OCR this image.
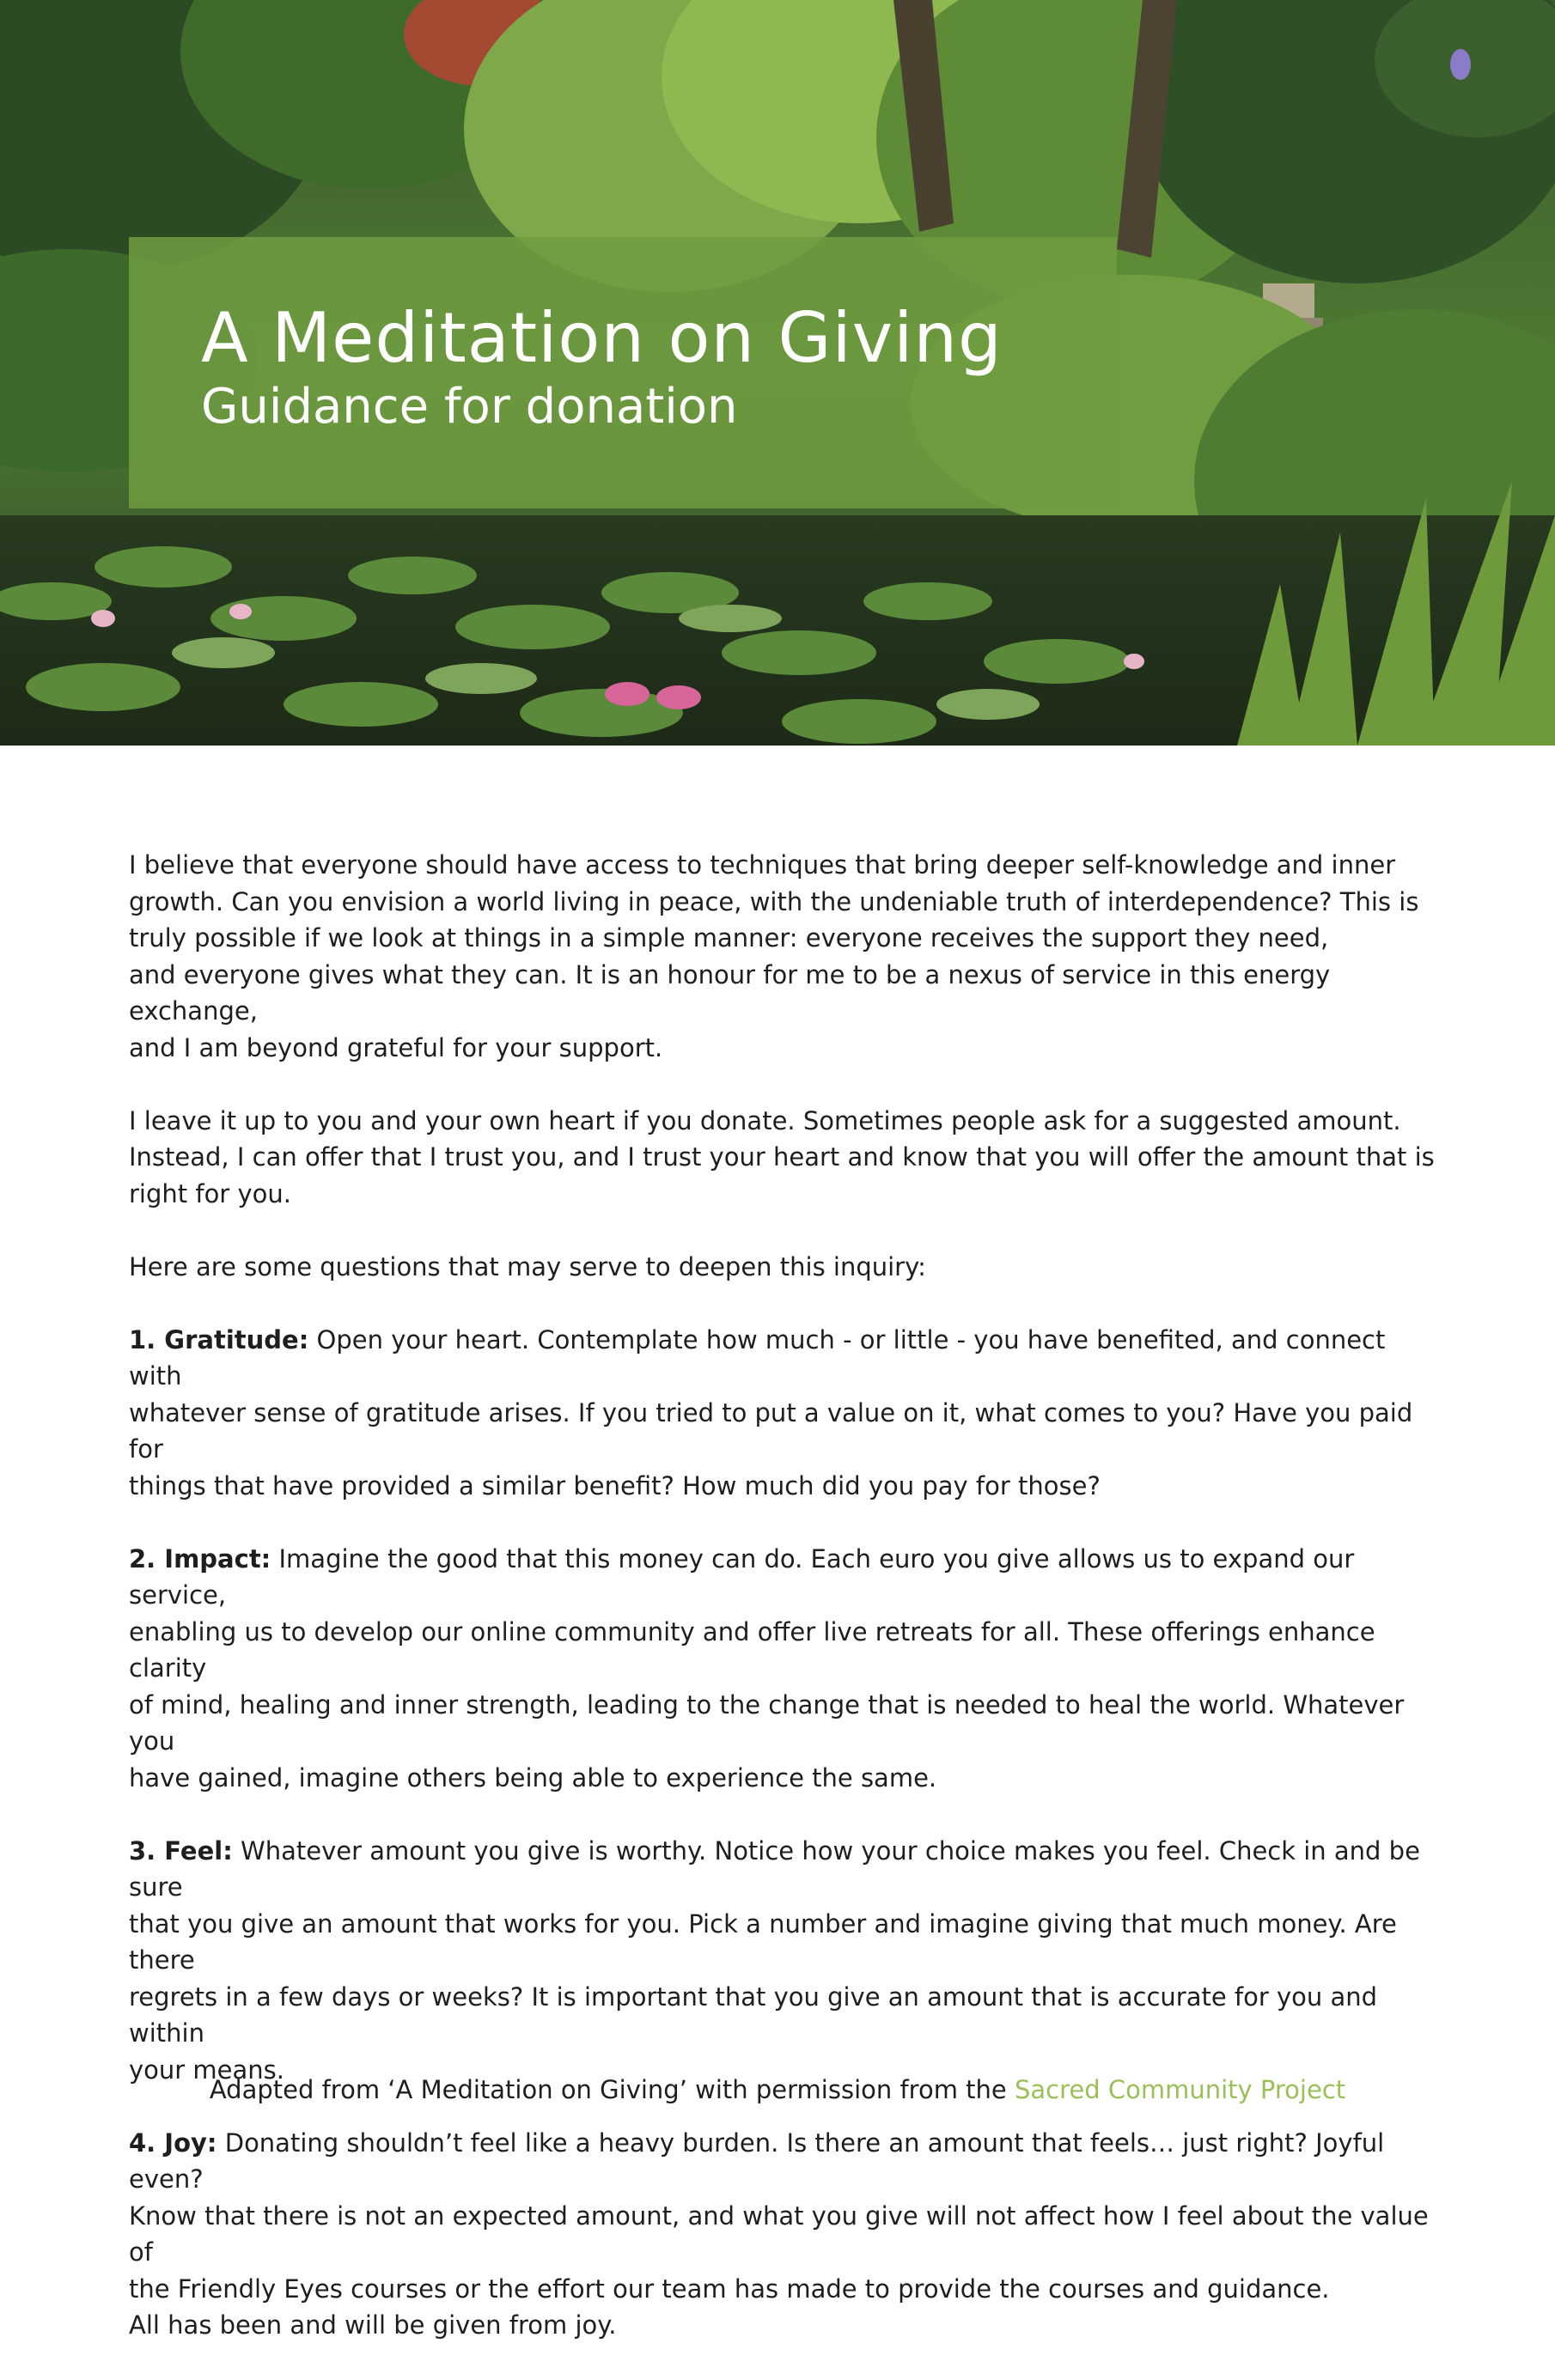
A Meditation on Giving
Guidance for donation

I believe that everyone should have access to techniques that bring deeper self-knowledge and inner
growth. Can you envision a world living in peace, with the undeniable truth of interdependence? This is
truly possible if we look at things in a simple manner: everyone receives the support they need,
and everyone gives what they can. It is an honour for me to be a nexus of service in this energy exchange,
and I am beyond grateful for your support.

I leave it up to you and your own heart if you donate. Sometimes people ask for a suggested amount.
Instead, I can offer that I trust you, and I trust your heart and know that you will offer the amount that is
right for you.

Here are some questions that may serve to deepen this inquiry:

1. Gratitude: Open your heart. Contemplate how much - or little - you have benefited, and connect with
whatever sense of gratitude arises. If you tried to put a value on it, what comes to you? Have you paid for
things that have provided a similar benefit? How much did you pay for those?

2. Impact: Imagine the good that this money can do. Each euro you give allows us to expand our service,
enabling us to develop our online community and offer live retreats for all. These offerings enhance clarity
of mind, healing and inner strength, leading to the change that is needed to heal the world. Whatever you
have gained, imagine others being able to experience the same.

3. Feel: Whatever amount you give is worthy. Notice how your choice makes you feel. Check in and be sure
that you give an amount that works for you. Pick a number and imagine giving that much money. Are there
regrets in a few days or weeks? It is important that you give an amount that is accurate for you and within
your means.

4. Joy: Donating shouldn’t feel like a heavy burden. Is there an amount that feels… just right? Joyful even?
Know that there is not an expected amount, and what you give will not affect how I feel about the value of
the Friendly Eyes courses or the effort our team has made to provide the courses and guidance.
All has been and will be given from joy.

Adapted from ‘A Meditation on Giving’ with permission from the Sacred Community Project
